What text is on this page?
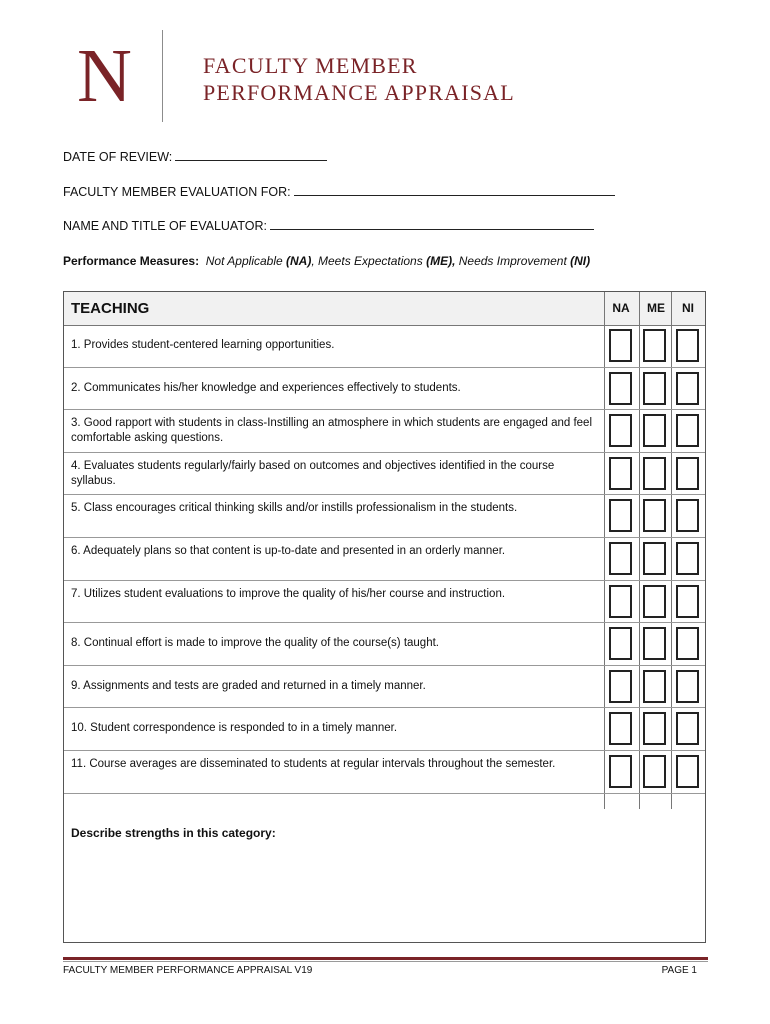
N	FACULTY MEMBER
PERFORMANCE APPRAISAL
DATE OF REVIEW:
FACULTY MEMBER EVALUATION FOR:
NAME AND TITLE OF EVALUATOR:
Performance Measures: Not Applicable (NA), Meets Expectations (ME), Needs Improvement (NI)
TEACHING	NA	ME	NI
1. Provides student-centered learning opportunities.
2. Communicates his/her knowledge and experiences effectively to students.
3. Good rapport with students in class-Instilling an atmosphere in which students are engaged and feel comfortable asking questions.
4. Evaluates students regularly/fairly based on outcomes and objectives identified in the course syllabus.
5. Class encourages critical thinking skills and/or instills professionalism in the students.
6. Adequately plans so that content is up-to-date and presented in an orderly manner.
7. Utilizes student evaluations to improve the quality of his/her course and instruction.
8. Continual effort is made to improve the quality of the course(s) taught.
9. Assignments and tests are graded and returned in a timely manner.
10. Student correspondence is responded to in a timely manner.
11. Course averages are disseminated to students at regular intervals throughout the semester.
Describe strengths in this category:
FACULTY MEMBER PERFORMANCE APPRAISAL V19	PAGE 1
